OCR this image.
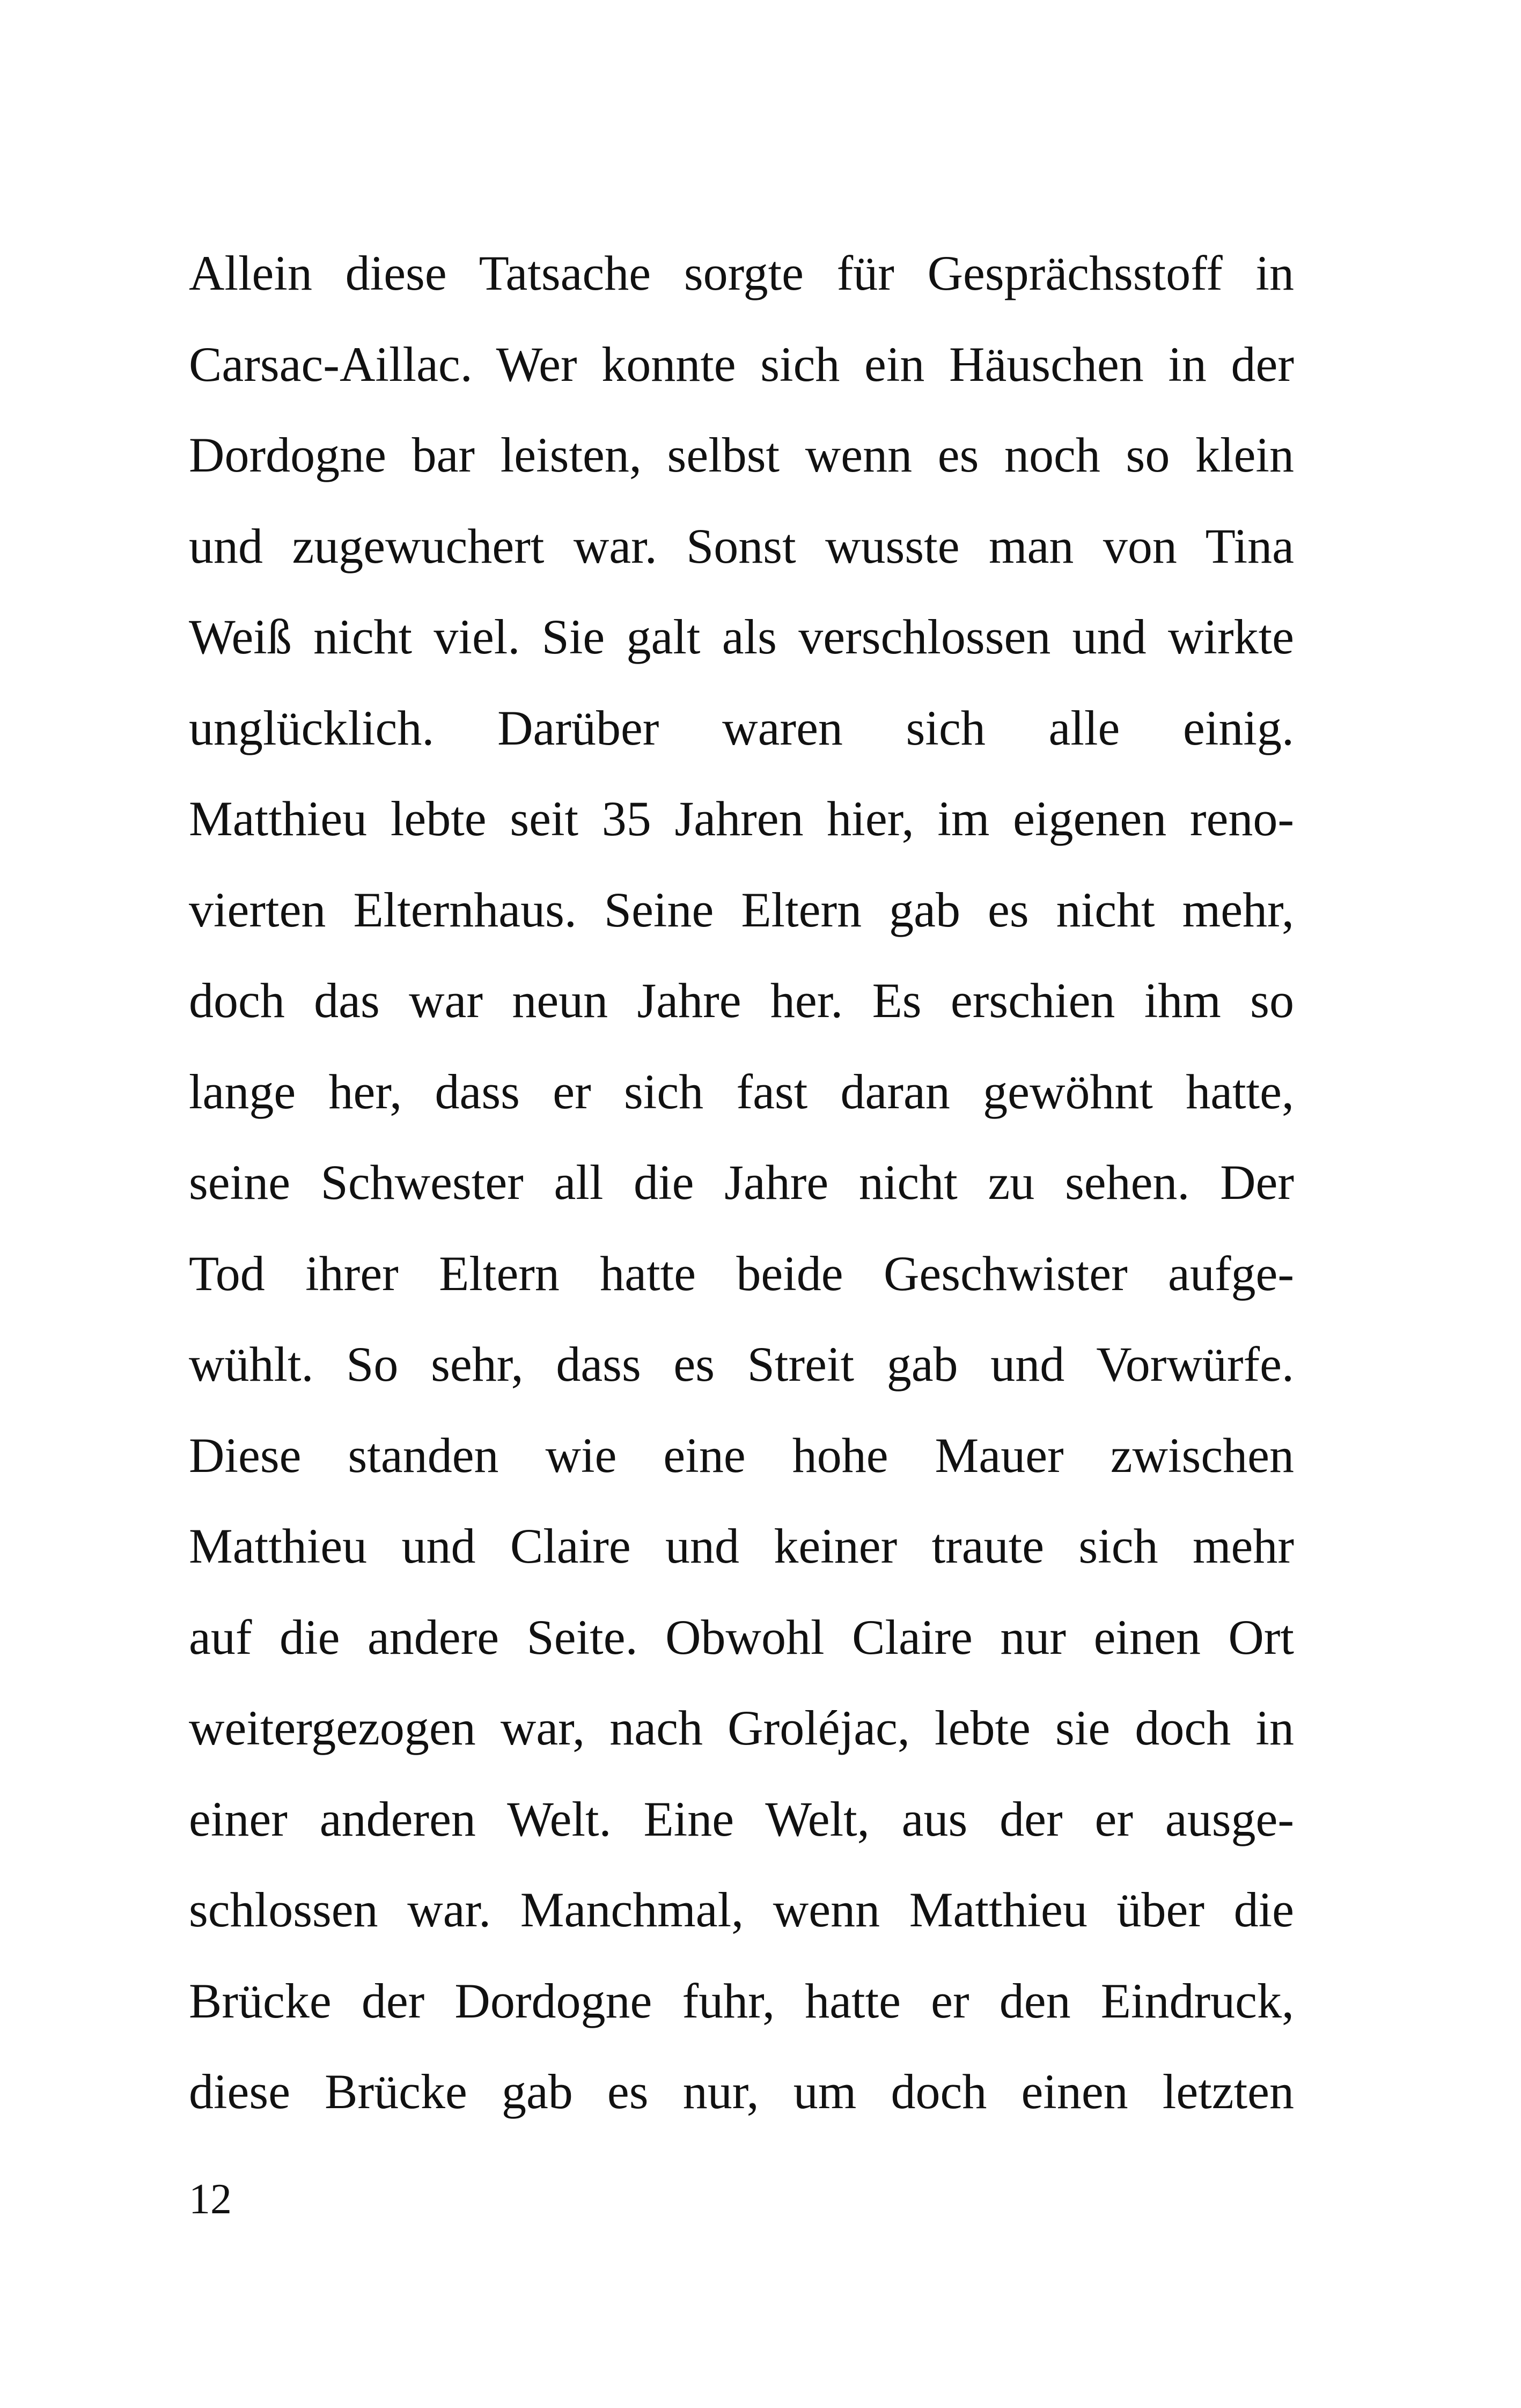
Allein diese Tatsache sorgte für Gesprächsstoff in
Carsac-Aillac. Wer konnte sich ein Häuschen in der
Dordogne bar leisten, selbst wenn es noch so klein
und zugewuchert war. Sonst wusste man von Tina
Weiß nicht viel. Sie galt als verschlossen und wirkte
unglücklich. Darüber waren sich alle einig.
Matthieu lebte seit 35 Jahren hier, im eigenen reno-
vierten Elternhaus. Seine Eltern gab es nicht mehr,
doch das war neun Jahre her. Es erschien ihm so
lange her, dass er sich fast daran gewöhnt hatte,
seine Schwester all die Jahre nicht zu sehen. Der
Tod ihrer Eltern hatte beide Geschwister aufge-
wühlt. So sehr, dass es Streit gab und Vorwürfe.
Diese standen wie eine hohe Mauer zwischen
Matthieu und Claire und keiner traute sich mehr
auf die andere Seite. Obwohl Claire nur einen Ort
weitergezogen war, nach Groléjac, lebte sie doch in
einer anderen Welt. Eine Welt, aus der er ausge-
schlossen war. Manchmal, wenn Matthieu über die
Brücke der Dordogne fuhr, hatte er den Eindruck,
diese Brücke gab es nur, um doch einen letzten
12
